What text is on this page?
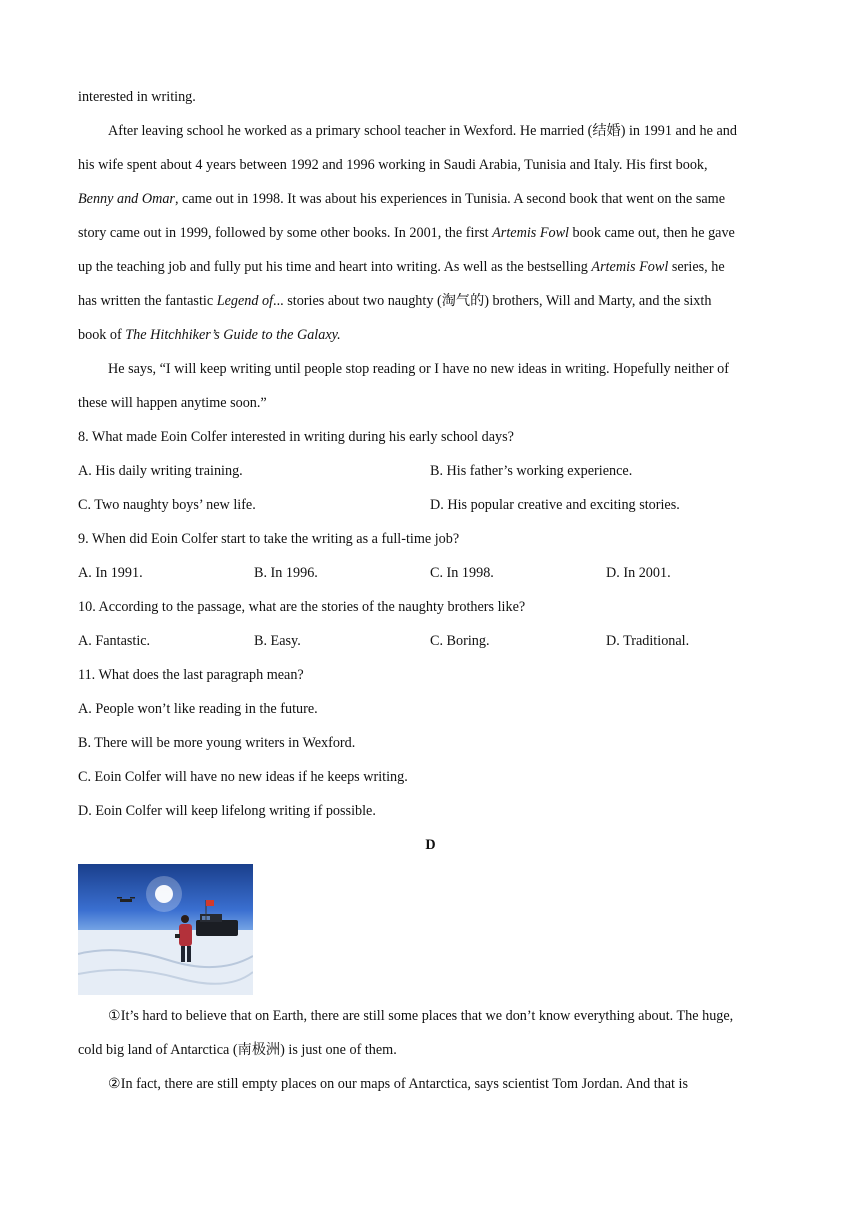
interested in writing.
After leaving school he worked as a primary school teacher in Wexford. He married (结婚) in 1991 and he and
his wife spent about 4 years between 1992 and 1996 working in Saudi Arabia, Tunisia and Italy. His first book,
Benny and Omar, came out in 1998. It was about his experiences in Tunisia. A second book that went on the same
story came out in 1999, followed by some other books. In 2001, the first Artemis Fowl book came out, then he gave
up the teaching job and fully put his time and heart into writing. As well as the bestselling Artemis Fowl series, he
has written the fantastic Legend of... stories about two naughty (淘气的) brothers, Will and Marty, and the sixth
book of The Hitchhiker’s Guide to the Galaxy.
He says, “I will keep writing until people stop reading or I have no new ideas in writing. Hopefully neither of
these will happen anytime soon.”
8. What made Eoin Colfer interested in writing during his early school days?
A. His daily writing training.	B. His father’s working experience.
C. Two naughty boys’ new life.	D. His popular creative and exciting stories.
9. When did Eoin Colfer start to take the writing as a full-time job?
A. In 1991.	B. In 1996.	C. In 1998.	D. In 2001.
10. According to the passage, what are the stories of the naughty brothers like?
A. Fantastic.	B. Easy.	C. Boring.	D. Traditional.
11. What does the last paragraph mean?
A. People won’t like reading in the future.
B. There will be more young writers in Wexford.
C. Eoin Colfer will have no new ideas if he keeps writing.
D. Eoin Colfer will keep lifelong writing if possible.
D
①It’s hard to believe that on Earth, there are still some places that we don’t know everything about. The huge,
cold big land of Antarctica (南极洲) is just one of them.
②In fact, there are still empty places on our maps of Antarctica, says scientist Tom Jordan. And that is
